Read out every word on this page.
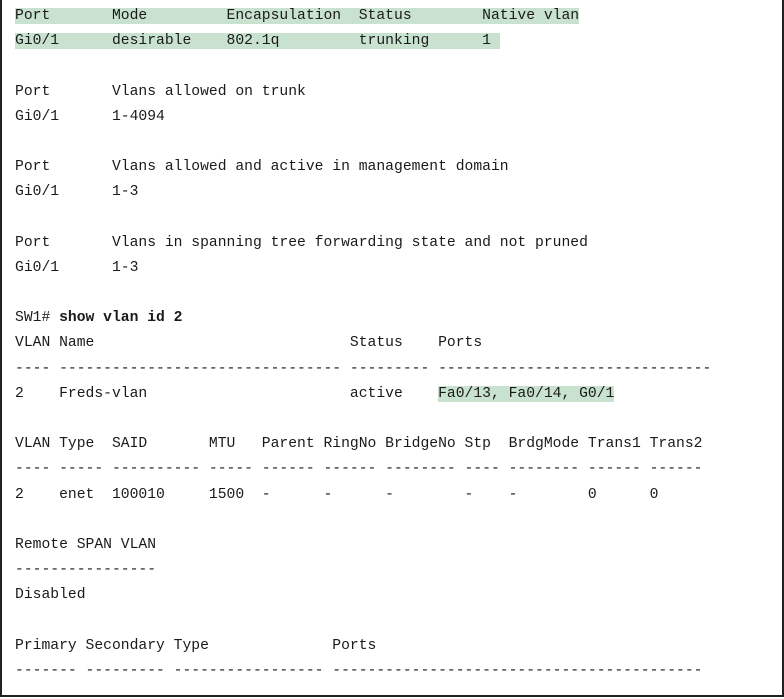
Port       Mode         Encapsulation  Status        Native vlan
Gi0/1      desirable    802.1q         trunking      1
Port       Vlans allowed on trunk
Gi0/1      1-4094
Port       Vlans allowed and active in management domain
Gi0/1      1-3
Port       Vlans in spanning tree forwarding state and not pruned
Gi0/1      1-3
SW1# show vlan id 2
VLAN Name                             Status    Ports
---- -------------------------------- --------- -------------------------------
2    Freds-vlan                       active    Fa0/13, Fa0/14, G0/1
VLAN Type  SAID       MTU   Parent RingNo BridgeNo Stp  BrdgMode Trans1 Trans2
---- ----- ---------- ----- ------ ------ -------- ---- -------- ------ ------
2    enet  100010     1500  -      -      -        -    -        0      0
Remote SPAN VLAN
----------------
Disabled
Primary Secondary Type              Ports
------- --------- ----------------- ------------------------------------------
